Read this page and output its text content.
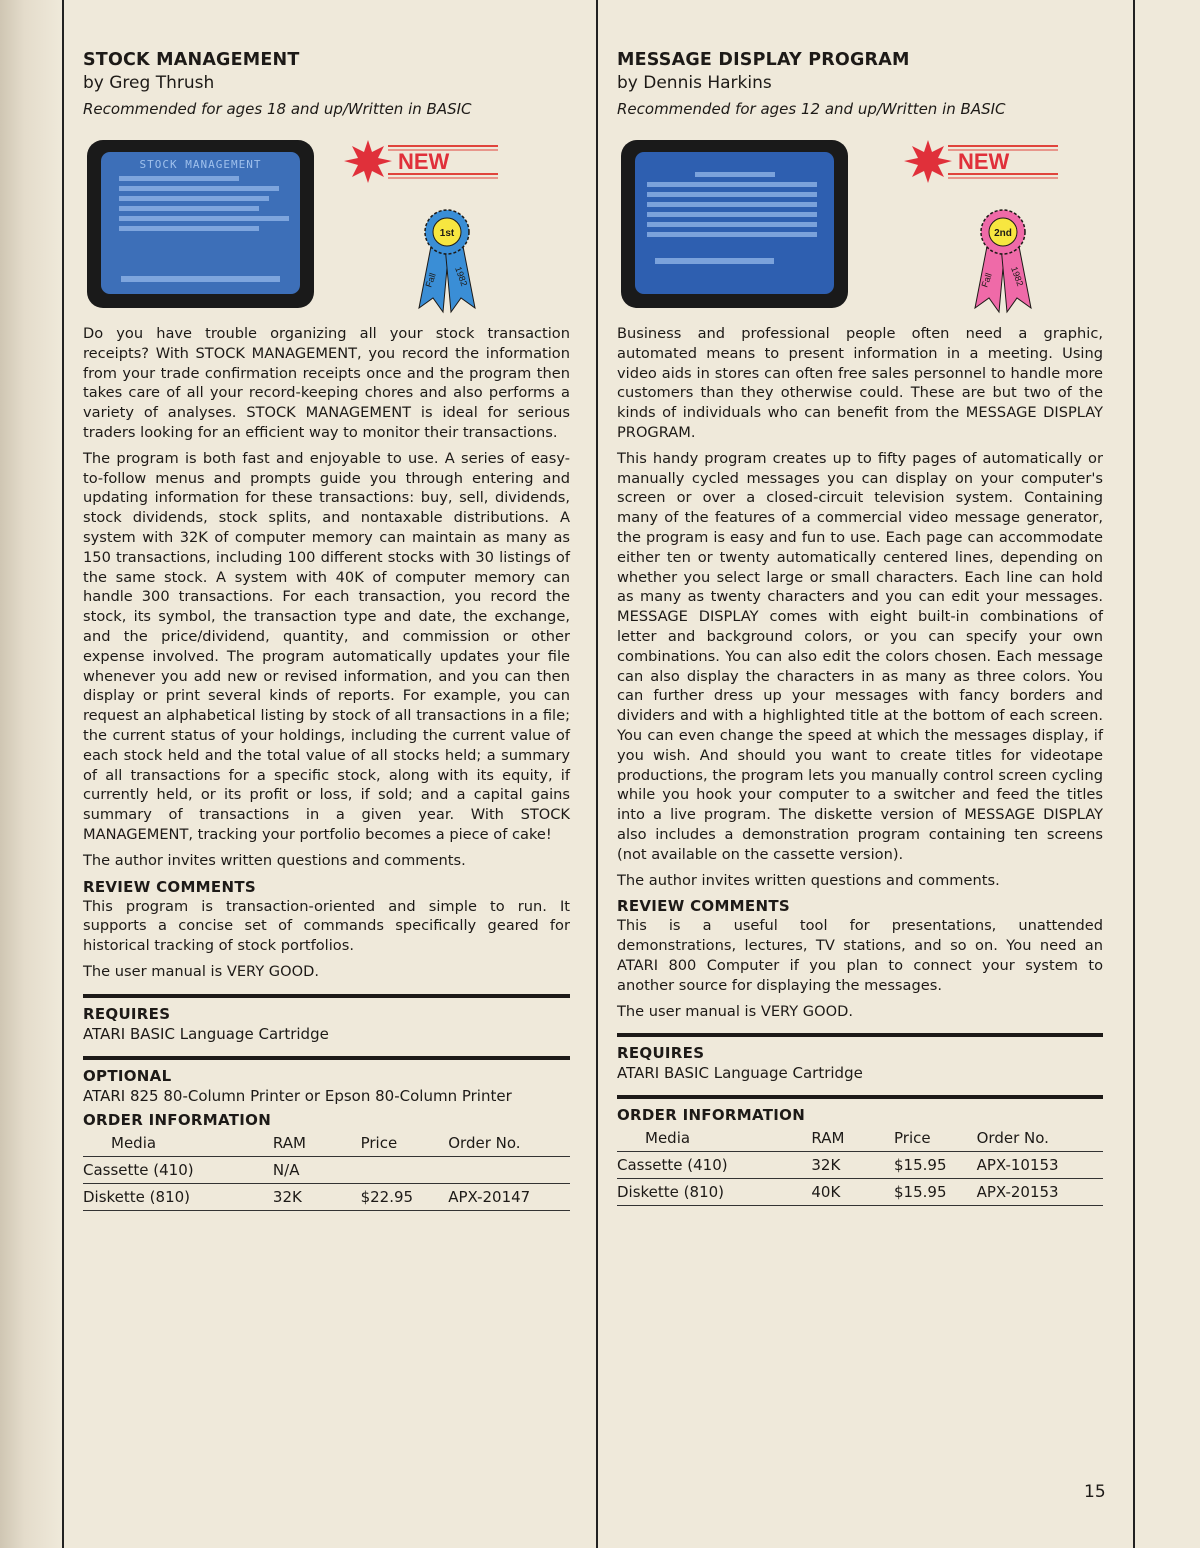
STOCK MANAGEMENT

by Greg Thrush

Recommended for ages 18 and up/Written in BASIC

STOCK MANAGEMENT	NEW
1st
Fall 1982

Do you have trouble organizing all your stock transaction receipts? With STOCK MANAGEMENT, you record the information from your trade confirmation receipts once and the program then takes care of all your record-keeping chores and also performs a variety of analyses. STOCK MANAGEMENT is ideal for serious traders looking for an efficient way to monitor their transactions.

The program is both fast and enjoyable to use. A series of easy-to-follow menus and prompts guide you through entering and updating information for these transactions: buy, sell, dividends, stock dividends, stock splits, and nontaxable distributions. A system with 32K of computer memory can maintain as many as 150 transactions, including 100 different stocks with 30 listings of the same stock. A system with 40K of computer memory can handle 300 transactions. For each transaction, you record the stock, its symbol, the transaction type and date, the exchange, and the price/dividend, quantity, and commission or other expense involved. The program automatically updates your file whenever you add new or revised information, and you can then display or print several kinds of reports. For example, you can request an alphabetical listing by stock of all transactions in a file; the current status of your holdings, including the current value of each stock held and the total value of all stocks held; a summary of all transactions for a specific stock, along with its equity, if currently held, or its profit or loss, if sold; and a capital gains summary of transactions in a given year. With STOCK MANAGEMENT, tracking your portfolio becomes a piece of cake!

The author invites written questions and comments.

REVIEW COMMENTS

This program is transaction-oriented and simple to run. It supports a concise set of commands specifically geared for historical tracking of stock portfolios.

The user manual is VERY GOOD.

REQUIRES

ATARI BASIC Language Cartridge

OPTIONAL

ATARI 825 80-Column Printer or Epson 80-Column Printer

ORDER INFORMATION
Media	RAM	Price	Order No.
Cassette (410)	N/A		
Diskette (810)	32K	$22.95	APX-20147
MESSAGE DISPLAY PROGRAM

by Dennis Harkins

Recommended for ages 12 and up/Written in BASIC

NEW
2nd
Fall 1982

Business and professional people often need a graphic, automated means to present information in a meeting. Using video aids in stores can often free sales personnel to handle more customers than they otherwise could. These are but two of the kinds of individuals who can benefit from the MESSAGE DISPLAY PROGRAM.

This handy program creates up to fifty pages of automatically or manually cycled messages you can display on your computer's screen or over a closed-circuit television system. Containing many of the features of a commercial video message generator, the program is easy and fun to use. Each page can accommodate either ten or twenty automatically centered lines, depending on whether you select large or small characters. Each line can hold as many as twenty characters and you can edit your messages. MESSAGE DISPLAY comes with eight built-in combinations of letter and background colors, or you can specify your own combinations. You can also edit the colors chosen. Each message can also display the characters in as many as three colors. You can further dress up your messages with fancy borders and dividers and with a highlighted title at the bottom of each screen. You can even change the speed at which the messages display, if you wish. And should you want to create titles for videotape productions, the program lets you manually control screen cycling while you hook your computer to a switcher and feed the titles into a live program. The diskette version of MESSAGE DISPLAY also includes a demonstration program containing ten screens (not available on the cassette version).

The author invites written questions and comments.

REVIEW COMMENTS

This is a useful tool for presentations, unattended demonstrations, lectures, TV stations, and so on. You need an ATARI 800 Computer if you plan to connect your system to another source for displaying the messages.

The user manual is VERY GOOD.

REQUIRES

ATARI BASIC Language Cartridge

ORDER INFORMATION
Media	RAM	Price	Order No.
Cassette (410)	32K	$15.95	APX-10153
Diskette (810)	40K	$15.95	APX-20153
15
